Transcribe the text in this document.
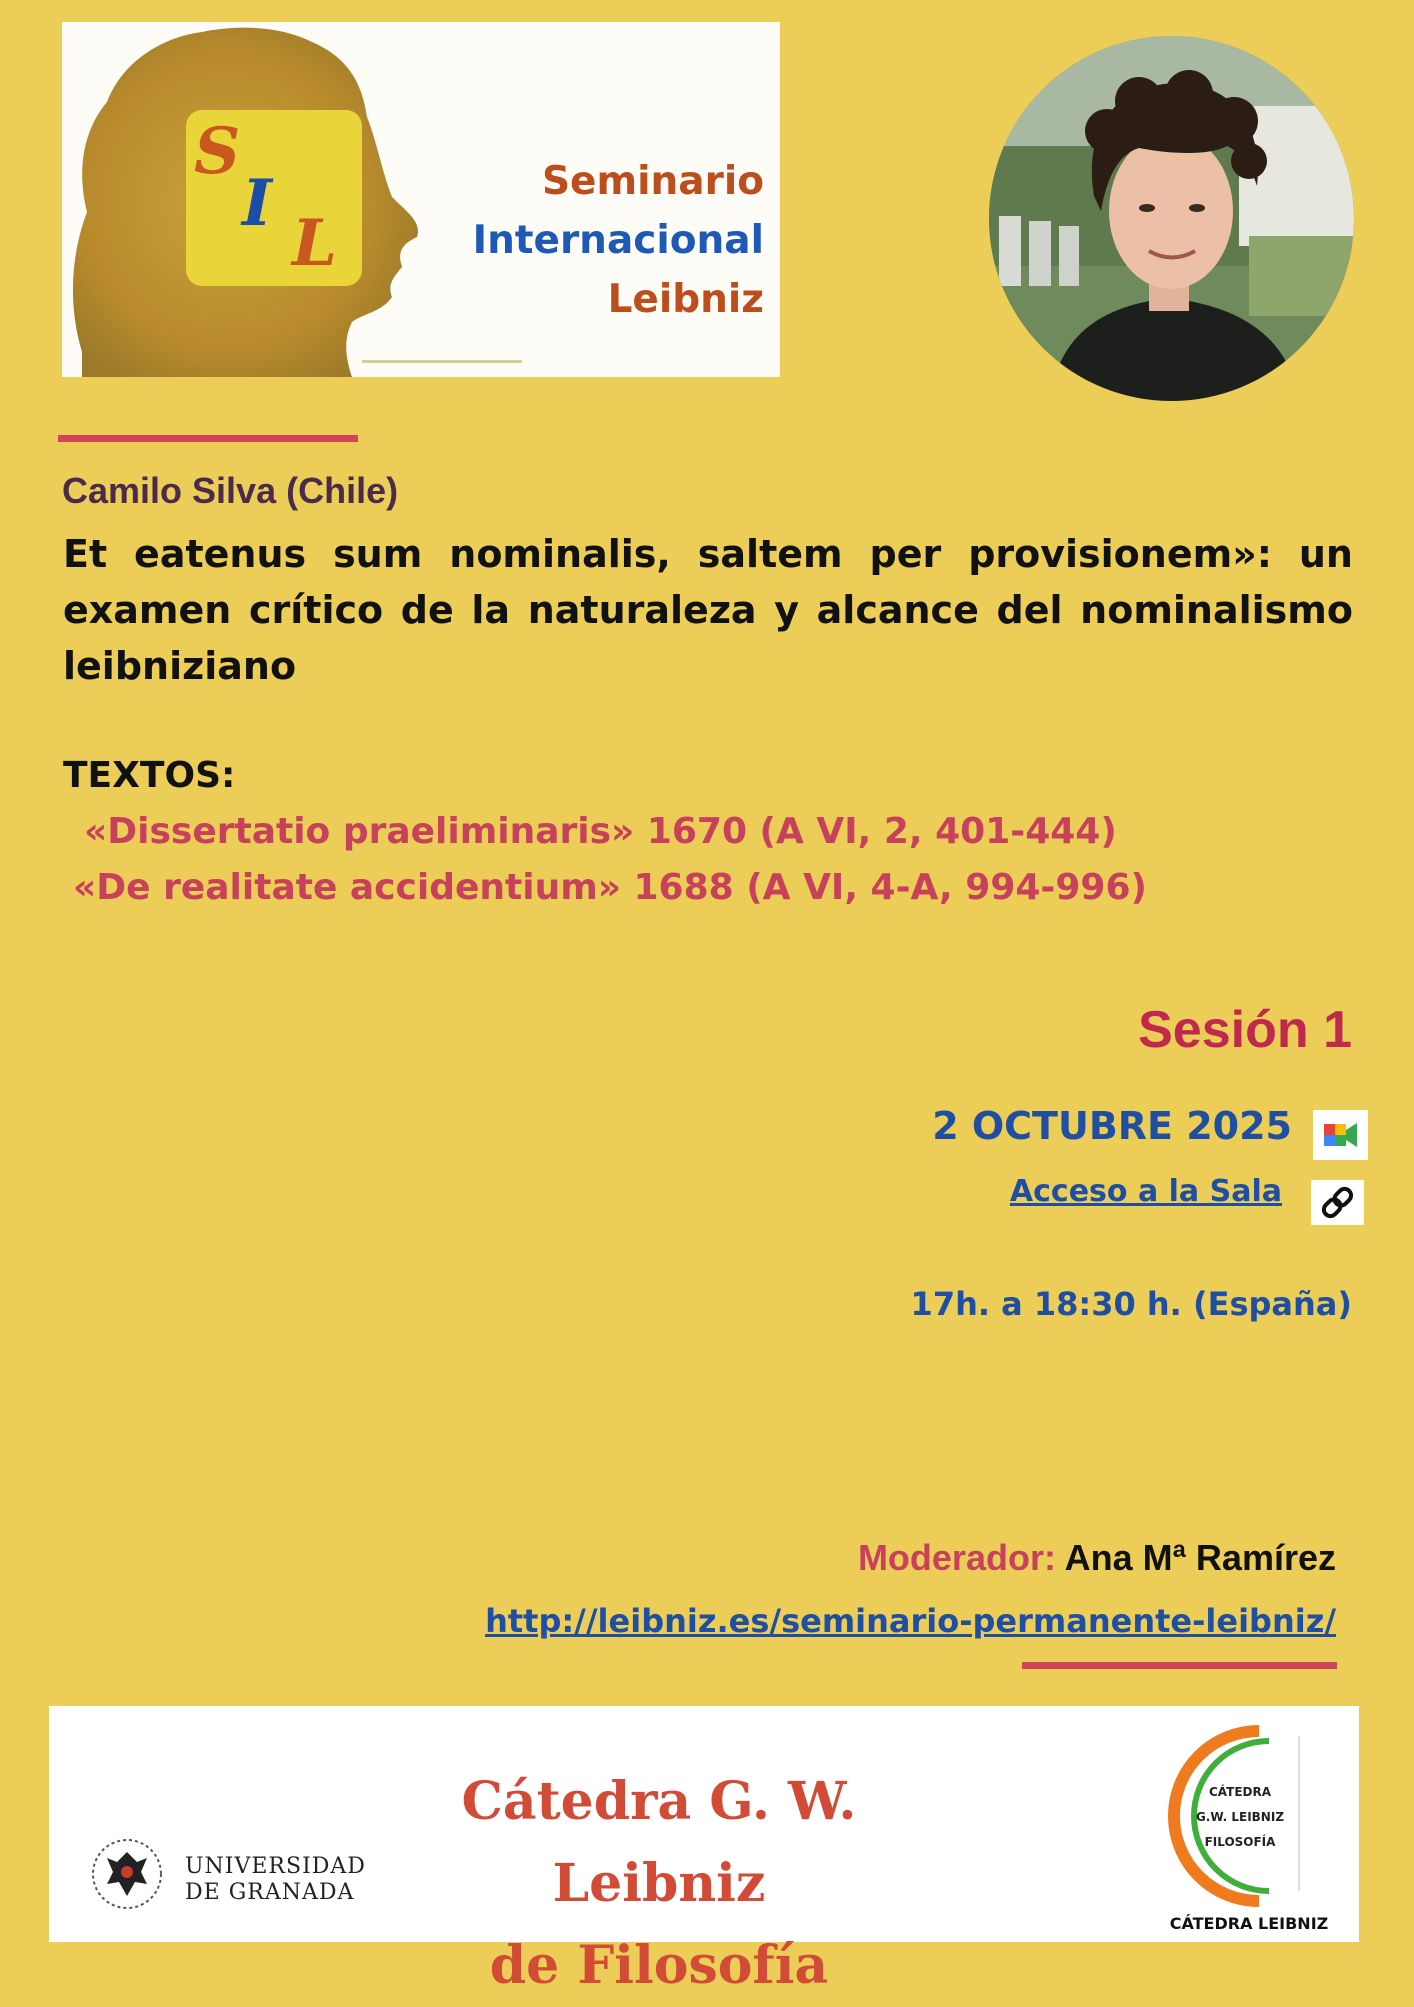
S
I
L
Seminario
Internacional
Leibniz
Camilo Silva (Chile)
Et eatenus sum nominalis, saltem per provisionem»: un examen crítico de la naturaleza y alcance del nominalismo leibniziano
TEXTOS:
«Dissertatio praeliminaris» 1670 (A VI, 2, 401-444)
«De realitate accidentium» 1688 (A VI, 4-A, 994-996)
Sesión 1
2 OCTUBRE 2025
Acceso a la Sala
17h. a 18:30 h. (España)
Moderador: Ana Mª Ramírez
http://leibniz.es/seminario-permanente-leibniz/
UNIVERSIDAD
DE GRANADA
Cátedra G. W. Leibniz
de Filosofía
CÁTEDRA
G.W. LEIBNIZ
FILOSOFÍA
CÁTEDRA LEIBNIZ
